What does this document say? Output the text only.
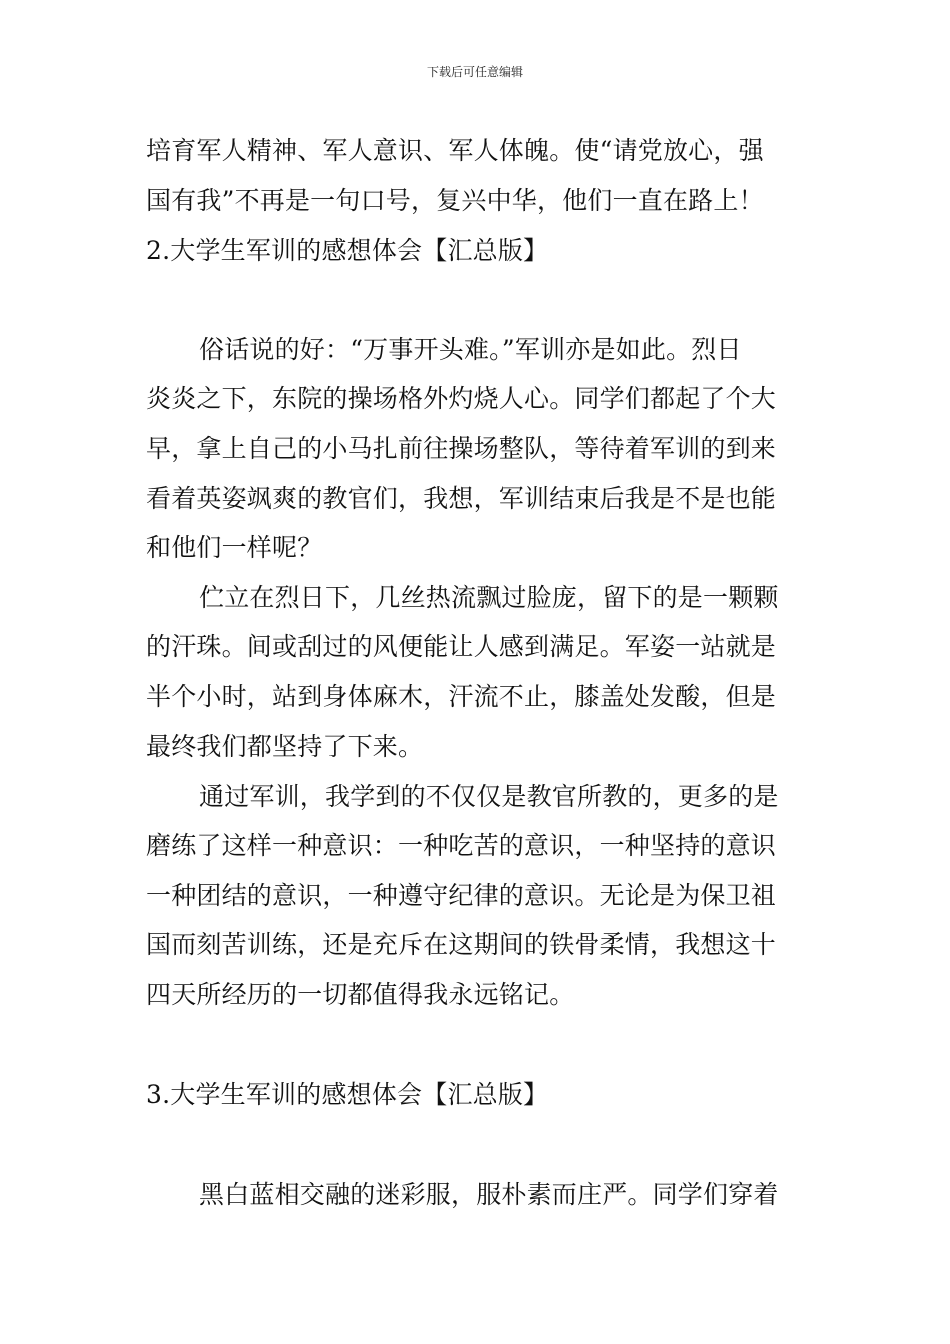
下载后可任意编辑
培育军人精神、军人意识、军人体魄。使“请党放心，强
国有我”不再是一句口号，复兴中华，他们一直在路上！
2.大学生军训的感想体会【汇总版】
俗话说的好：“万事开头难。”军训亦是如此。烈日
炎炎之下，东院的操场格外灼烧人心。同学们都起了个大
早，拿上自己的小马扎前往操场整队，等待着军训的到来
看着英姿飒爽的教官们，我想，军训结束后我是不是也能
和他们一样呢？
伫立在烈日下，几丝热流飘过脸庞，留下的是一颗颗
的汗珠。间或刮过的风便能让人感到满足。军姿一站就是
半个小时，站到身体麻木，汗流不止，膝盖处发酸，但是
最终我们都坚持了下来。
通过军训，我学到的不仅仅是教官所教的，更多的是
磨练了这样一种意识：一种吃苦的意识，一种坚持的意识
一种团结的意识，一种遵守纪律的意识。无论是为保卫祖
国而刻苦训练，还是充斥在这期间的铁骨柔情，我想这十
四天所经历的一切都值得我永远铭记。
3.大学生军训的感想体会【汇总版】
黑白蓝相交融的迷彩服，服朴素而庄严。同学们穿着
